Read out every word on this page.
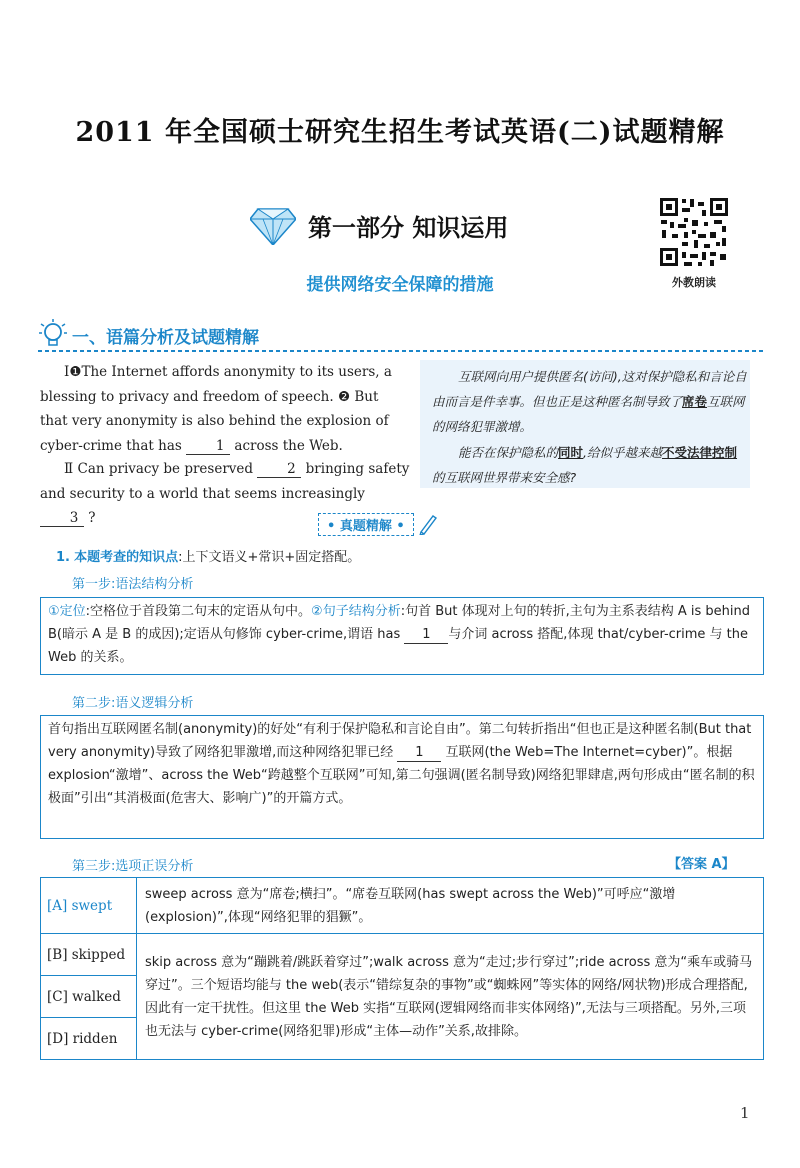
2011 年全国硕士研究生招生考试英语(二)试题精解
第一部分 知识运用
外教朗读
提供网络安全保障的措施
一、语篇分析及试题精解
Ⅰ❶The Internet affords anonymity to its users, a blessing to privacy and freedom of speech. ❷ But that very anonymity is also behind the explosion of cyber-crime that has	1 across the Web.
Ⅱ Can privacy be preserved	2 bringing safety and security to a world that seems increasingly 3 ?
互联网向用户提供匿名(访问),这对保护隐私和言论自由而言是件幸事。但也正是这种匿名制导致了席卷互联网的网络犯罪激增。
能否在保护隐私的同时,给似乎越来越不受法律控制的互联网世界带来安全感?
• 真题精解 •
1. 本题考查的知识点:上下文语义+常识+固定搭配。
第一步:语法结构分析
①定位:空格位于首段第二句末的定语从句中。②句子结构分析:句首 But 体现对上句的转折,主句为主系表结构 A is behind B(暗示 A 是 B 的成因);定语从句修饰 cyber-crime,谓语 has 1 与介词 across 搭配,体现 that/cyber-crime 与 the Web 的关系。
第二步:语义逻辑分析
首句指出互联网匿名制(anonymity)的好处“有利于保护隐私和言论自由”。第二句转折指出“但也正是这种匿名制(But that very anonymity)导致了网络犯罪激增,而这种网络犯罪已经 1 互联网(the Web=The Internet=cyber)”。根据 explosion“激增”、across the Web“跨越整个互联网”可知,第二句强调(匿名制导致)网络犯罪肆虐,两句形成由“匿名制的积极面”引出“其消极面(危害大、影响广)”的开篇方式。
第三步:选项正误分析	【答案 A】
[A] swept	sweep across 意为“席卷;横扫”。“席卷互联网(has swept across the Web)”可呼应“激增(explosion)”,体现“网络犯罪的猖獗”。
[B] skipped	skip across 意为“蹦跳着/跳跃着穿过”;walk across 意为“走过;步行穿过”;ride across 意为“乘车或骑马穿过”。三个短语均能与 the web(表示“错综复杂的事物”或“蜘蛛网”等实体的网络/网状物)形成合理搭配,因此有一定干扰性。但这里 the Web 实指“互联网(逻辑网络而非实体网络)”,无法与三项搭配。另外,三项也无法与 cyber-crime(网络犯罪)形成“主体—动作”关系,故排除。
[C] walked	
[D] ridden	
1
